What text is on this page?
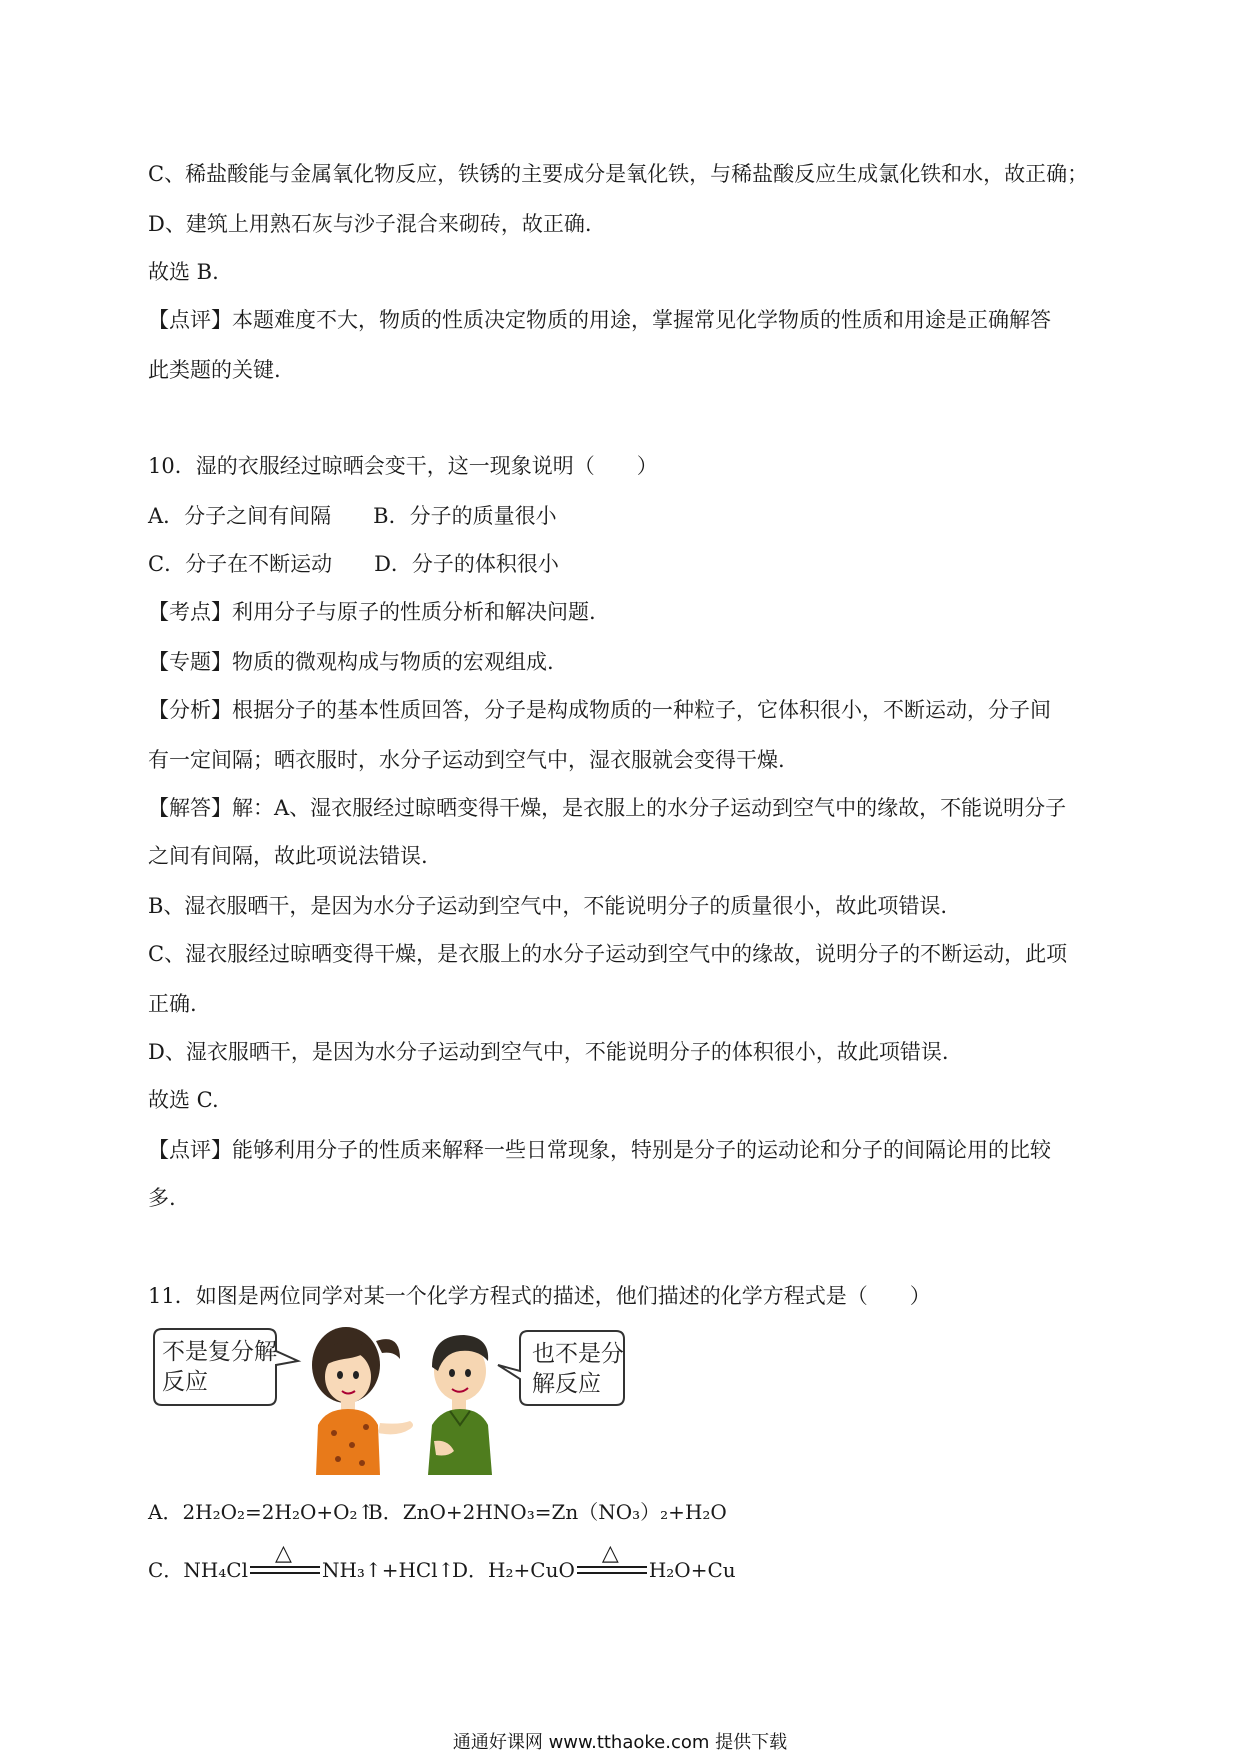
C、稀盐酸能与金属氧化物反应，铁锈的主要成分是氧化铁，与稀盐酸反应生成氯化铁和水，故正确；
D、建筑上用熟石灰与沙子混合来砌砖，故正确.
故选 B.
【点评】本题难度不大，物质的性质决定物质的用途，掌握常见化学物质的性质和用途是正确解答
此类题的关键.
10．湿的衣服经过晾晒会变干，这一现象说明（　　）
A．分子之间有间隔　　B．分子的质量很小
C．分子在不断运动　　D．分子的体积很小
【考点】利用分子与原子的性质分析和解决问题.
【专题】物质的微观构成与物质的宏观组成.
【分析】根据分子的基本性质回答，分子是构成物质的一种粒子，它体积很小，不断运动，分子间
有一定间隔；晒衣服时，水分子运动到空气中，湿衣服就会变得干燥.
【解答】解：A、湿衣服经过晾晒变得干燥，是衣服上的水分子运动到空气中的缘故，不能说明分子
之间有间隔，故此项说法错误.
B、湿衣服晒干，是因为水分子运动到空气中，不能说明分子的质量很小，故此项错误.
C、湿衣服经过晾晒变得干燥，是衣服上的水分子运动到空气中的缘故，说明分子的不断运动，此项
正确.
D、湿衣服晒干，是因为水分子运动到空气中，不能说明分子的体积很小，故此项错误.
故选 C.
【点评】能够利用分子的性质来解释一些日常现象，特别是分子的运动论和分子的间隔论用的比较
多.
11．如图是两位同学对某一个化学方程式的描述，他们描述的化学方程式是（　　）
不是复分解
反应
也不是分
解反应
A．2H₂O₂=2H₂O+O₂↑
B．ZnO+2HNO₃=Zn（NO₃）₂+H₂O
C．NH₄Cl
△
NH₃↑+HCl↑
D．H₂+CuO
△
H₂O+Cu
通通好课网 www.tthaoke.com 提供下载
